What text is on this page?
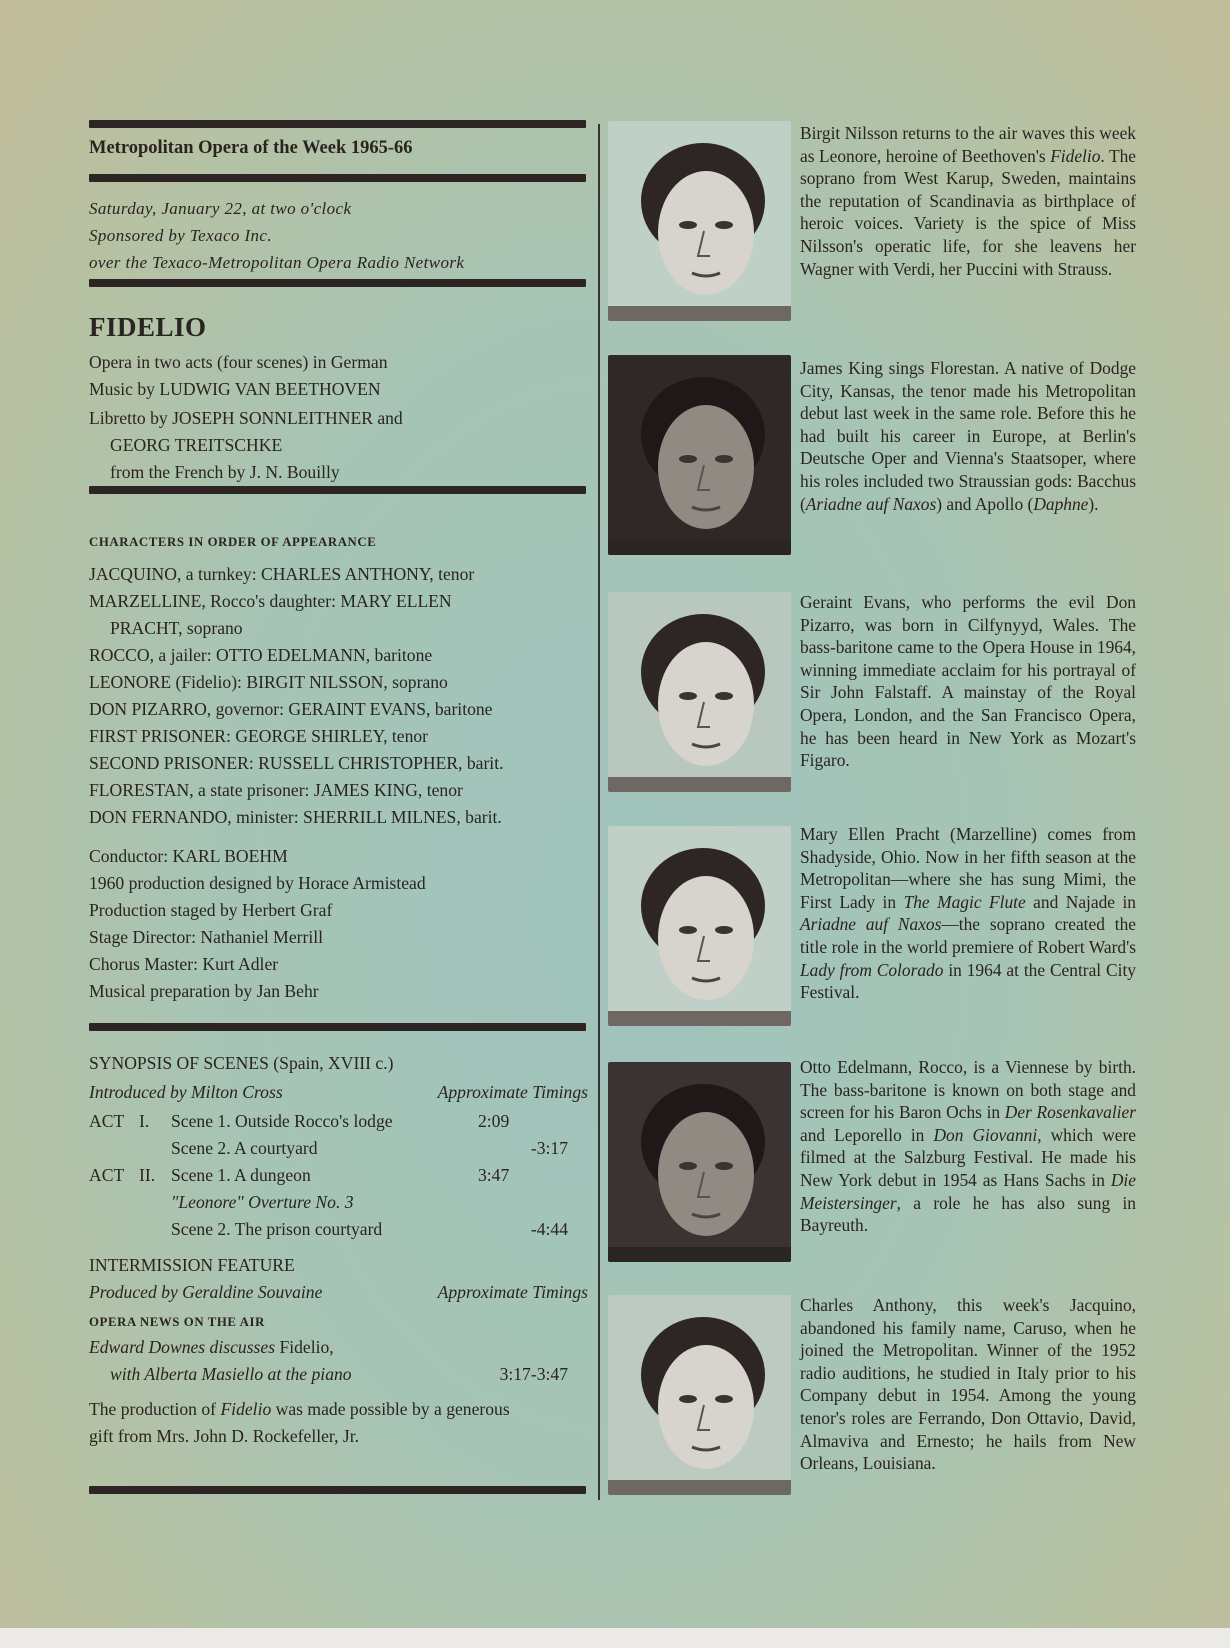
Metropolitan Opera of the Week 1965-66
Saturday, January 22, at two o'clock
Sponsored by Texaco Inc.
over the Texaco-Metropolitan Opera Radio Network
FIDELIO
Opera in two acts (four scenes) in German
Music by LUDWIG VAN BEETHOVEN
Libretto by JOSEPH SONNLEITHNER and
GEORG TREITSCHKE
from the French by J. N. Bouilly
CHARACTERS IN ORDER OF APPEARANCE
JACQUINO, a turnkey: CHARLES ANTHONY, tenor
MARZELLINE, Rocco's daughter: MARY ELLEN
PRACHT, soprano
ROCCO, a jailer: OTTO EDELMANN, baritone
LEONORE (Fidelio): BIRGIT NILSSON, soprano
DON PIZARRO, governor: GERAINT EVANS, baritone
FIRST PRISONER: GEORGE SHIRLEY, tenor
SECOND PRISONER: RUSSELL CHRISTOPHER, barit.
FLORESTAN, a state prisoner: JAMES KING, tenor
DON FERNANDO, minister: SHERRILL MILNES, barit.
Conductor: KARL BOEHM
1960 production designed by Horace Armistead
Production staged by Herbert Graf
Stage Director: Nathaniel Merrill
Chorus Master: Kurt Adler
Musical preparation by Jan Behr
SYNOPSIS OF SCENES (Spain, XVIII c.)
Introduced by Milton Cross	Approximate Timings
ACT I. Scene 1. Outside Rocco's lodge	2:09
Scene 2. A courtyard	-3:17
ACT II. Scene 1. A dungeon	3:47
"Leonore" Overture No. 3
Scene 2. The prison courtyard	-4:44
INTERMISSION FEATURE
Produced by Geraldine Souvaine	Approximate Timings
OPERA NEWS ON THE AIR
Edward Downes discusses Fidelio,
with Alberta Masiello at the piano	3:17-3:47
The production of Fidelio was made possible by a generous
gift from Mrs. John D. Rockefeller, Jr.
Birgit Nilsson returns to the air waves this week as Leonore, heroine of Beethoven's Fidelio. The soprano from West Karup, Sweden, maintains the reputation of Scandinavia as birthplace of heroic voices. Variety is the spice of Miss Nilsson's operatic life, for she leavens her Wagner with Verdi, her Puccini with Strauss.
James King sings Florestan. A native of Dodge City, Kansas, the tenor made his Metropolitan debut last week in the same role. Before this he had built his career in Europe, at Berlin's Deutsche Oper and Vienna's Staatsoper, where his roles included two Straussian gods: Bacchus (Ariadne auf Naxos) and Apollo (Daphne).
Geraint Evans, who performs the evil Don Pizarro, was born in Cilfynyyd, Wales. The bass-baritone came to the Opera House in 1964, winning immediate acclaim for his portrayal of Sir John Falstaff. A mainstay of the Royal Opera, London, and the San Francisco Opera, he has been heard in New York as Mozart's Figaro.
Mary Ellen Pracht (Marzelline) comes from Shadyside, Ohio. Now in her fifth season at the Metropolitan—where she has sung Mimi, the First Lady in The Magic Flute and Najade in Ariadne auf Naxos—the soprano created the title role in the world premiere of Robert Ward's Lady from Colorado in 1964 at the Central City Festival.
Otto Edelmann, Rocco, is a Viennese by birth. The bass-baritone is known on both stage and screen for his Baron Ochs in Der Rosenkavalier and Leporello in Don Giovanni, which were filmed at the Salzburg Festival. He made his New York debut in 1954 as Hans Sachs in Die Meistersinger, a role he has also sung in Bayreuth.
Charles Anthony, this week's Jacquino, abandoned his family name, Caruso, when he joined the Metropolitan. Winner of the 1952 radio auditions, he studied in Italy prior to his Company debut in 1954. Among the young tenor's roles are Ferrando, Don Ottavio, David, Almaviva and Ernesto; he hails from New Orleans, Louisiana.
